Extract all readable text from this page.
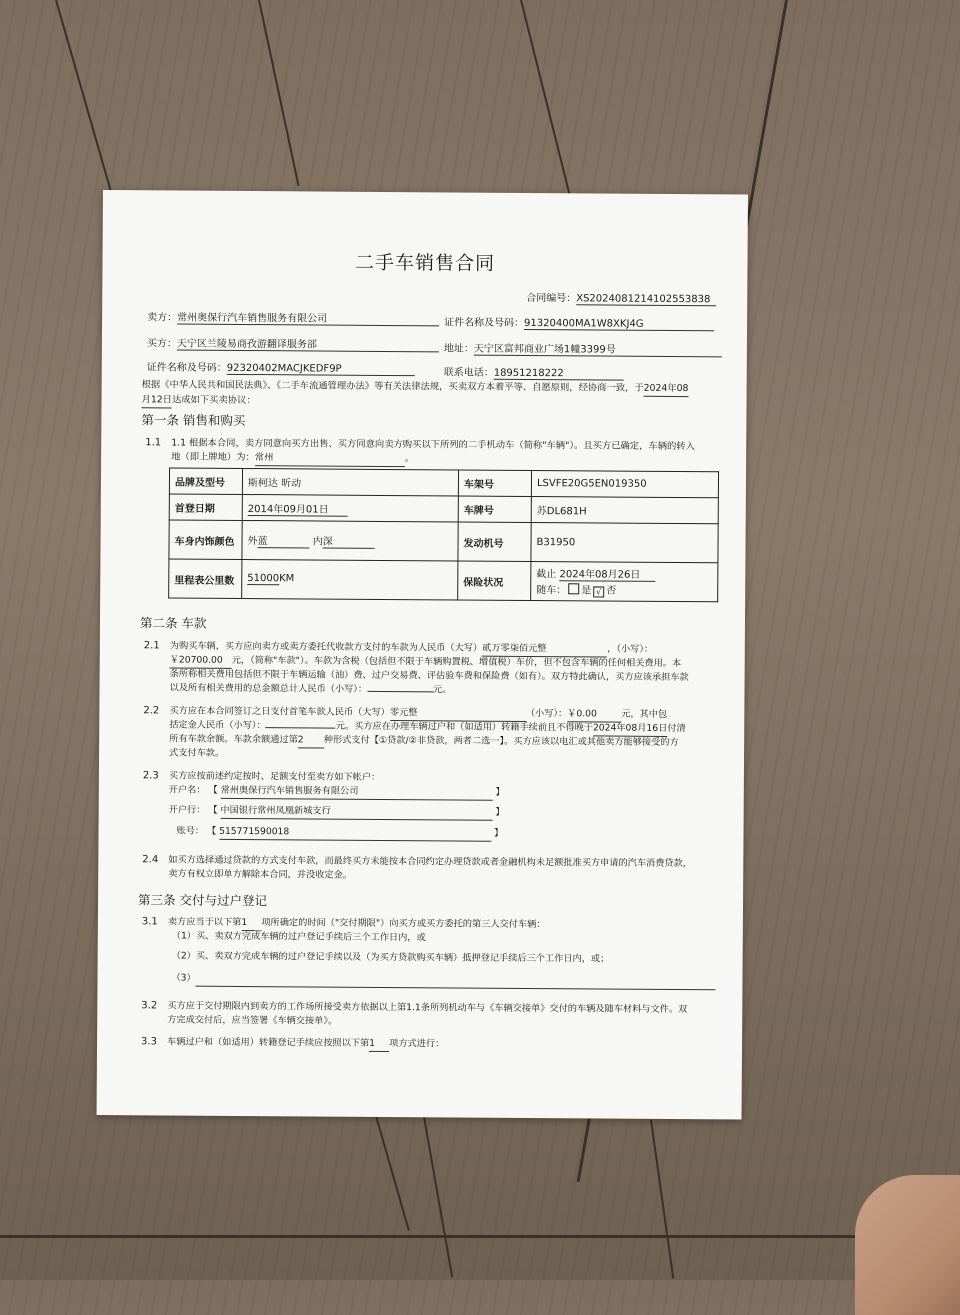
二手车销售合同
合同编号：XS2024081214102553838
卖方：常州奥保行汽车销售服务有限公司	证件名称及号码：91320400MA1W8XKJ4G
买方：天宁区兰陵易商孜游翻译服务部	地址：天宁区富邦商业广场1幢3399号
证件名称及号码：92320402MACJKEDF9P	联系电话：18951218222
根据《中华人民共和国民法典》、《二手车流通管理办法》等有关法律法规，买卖双方本着平等、自愿原则，经协商一致，于2024年08
月12日达成如下买卖协议：
第一条 销售和购买
1.1 1.1 根据本合同，卖方同意向买方出售、买方同意向卖方购买以下所列的二手机动车（简称"车辆"）。且买方已确定，车辆的转入
地（即上牌地）为：常州	。
品牌及型号	斯柯达 昕动	车架号	LSVFE20G5EN019350
首登日期	2014年09月01日	车牌号	苏DL681H
车身内饰颜色	外蓝 内深	发动机号	B31950
里程表公里数	51000KM	保险状况	截止 2024年08月26日
随车： 是 √ 否
第二条 车款
2.1 为购买车辆，买方应向卖方或卖方委托代收款方支付的车款为人民币（大写）贰万零柒佰元整	，（小写）：
￥20700.00 元，（简称"车款"）。车款为含税（包括但不限于车辆购置税、增值税）车价，但不包含车辆的任何相关费用。本
条所称相关费用包括但不限于车辆运输（油）费、过户交易费、评估验车费和保险费（如有）。双方特此确认，买方应该承担车款
以及所有相关费用的总金额总计人民币（小写）：	元。
2.2 买方应在本合同签订之日支付首笔车款人民币（大写）零元整	（小写）：￥0.00	元，其中包
括定金人民币（小写）：	元。买方应在办理车辆过户和（如适用）转籍手续前且不得晚于2024年08月16日付清
所有车款余额。车款余额通过第2 种形式支付【①贷款/②非贷款，两者二选一】。买方应该以电汇或其他卖方能够接受的方
式支付车款。
2.3 买方应按前述约定按时、足额支付至卖方如下帐户：
开户名： 【 常州奥保行汽车销售服务有限公司	】
开户行： 【 中国银行常州凤凰新城支行	】
账号： 【 515771590018	】
2.4 如买方选择通过贷款的方式支付车款，而最终买方未能按本合同约定办理贷款或者金融机构未足额批准买方申请的汽车消费贷款，
卖方有权立即单方解除本合同，并没收定金。
第三条 交付与过户登记
3.1 卖方应当于以下第1 项所确定的时间（"交付期限"）向买方或买方委托的第三人交付车辆：
（1）买、卖双方完成车辆的过户登记手续后三个工作日内，或
（2）买、卖双方完成车辆的过户登记手续以及（为买方贷款购买车辆）抵押登记手续后三个工作日内，或；
（3）
3.2 买方应于交付期限内到卖方的工作场所接受卖方依据以上第1.1条所列机动车与《车辆交接单》交付的车辆及随车材料与文件。双
方完成交付后，应当签署《车辆交接单》。
3.3 车辆过户和（如适用）转籍登记手续应按照以下第1 项方式进行：
